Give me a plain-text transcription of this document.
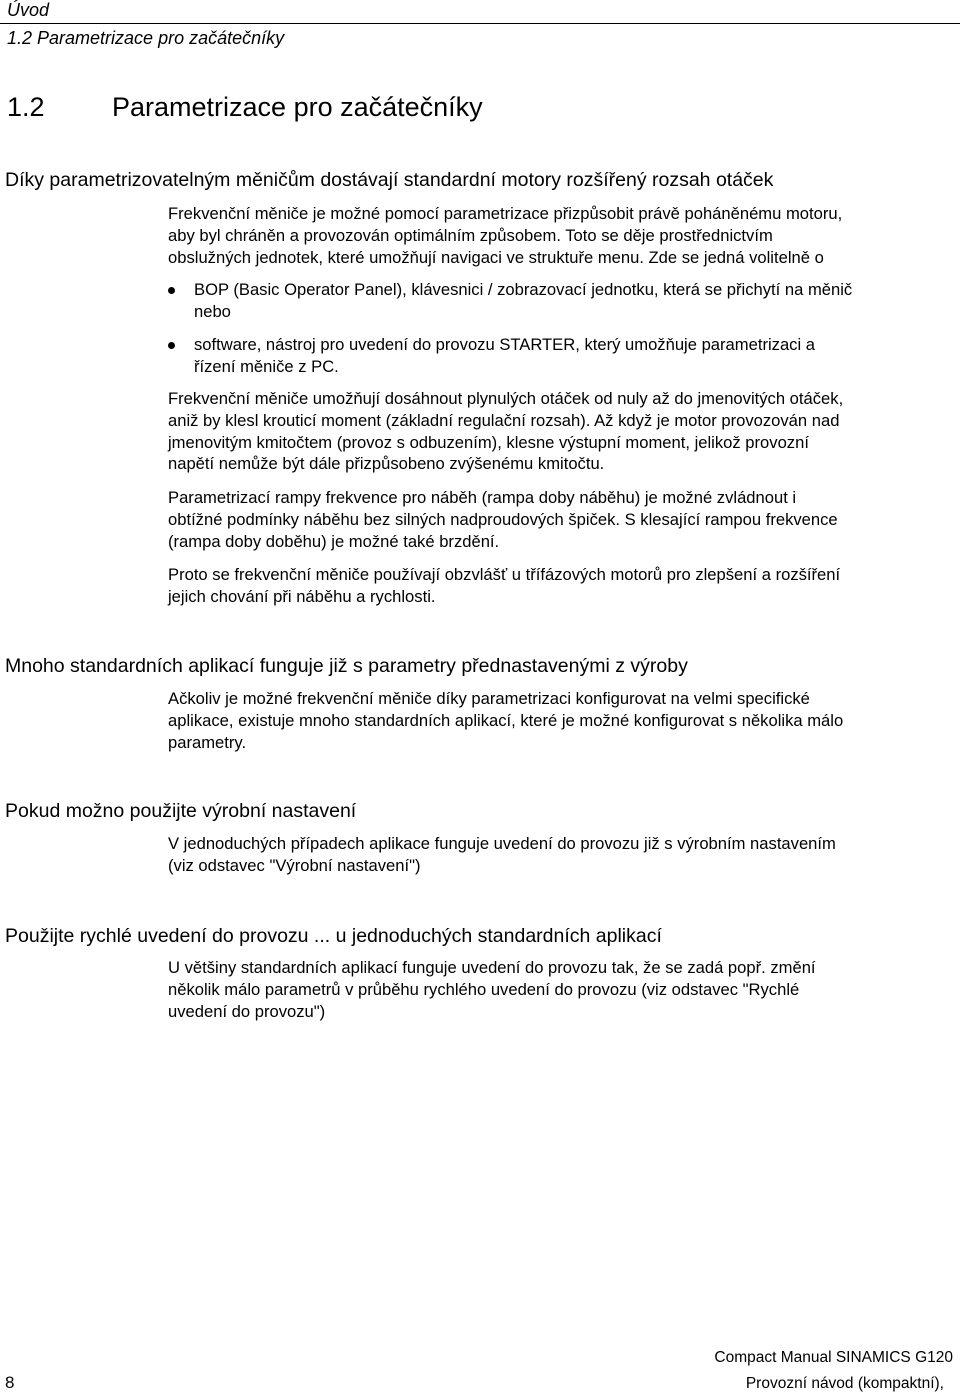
Úvod
1.2 Parametrizace pro začátečníky
1.2 Parametrizace pro začátečníky
Díky parametrizovatelným měničům dostávají standardní motory rozšířený rozsah otáček
Frekvenční měniče je možné pomocí parametrizace přizpůsobit právě poháněnému motoru,
aby byl chráněn a provozován optimálním způsobem. Toto se děje prostřednictvím
obslužných jednotek, které umožňují navigaci ve struktuře menu. Zde se jedná volitelně o
BOP (Basic Operator Panel), klávesnici / zobrazovací jednotku, která se přichytí na měnič
nebo
software, nástroj pro uvedení do provozu STARTER, který umožňuje parametrizaci a
řízení měniče z PC.
Frekvenční měniče umožňují dosáhnout plynulých otáček od nuly až do jmenovitých otáček,
aniž by klesl krouticí moment (základní regulační rozsah). Až když je motor provozován nad
jmenovitým kmitočtem (provoz s odbuzením), klesne výstupní moment, jelikož provozní
napětí nemůže být dále přizpůsobeno zvýšenému kmitočtu.
Parametrizací rampy frekvence pro náběh (rampa doby náběhu) je možné zvládnout i
obtížné podmínky náběhu bez silných nadproudových špiček. S klesající rampou frekvence
(rampa doby doběhu) je možné také brzdění.
Proto se frekvenční měniče používají obzvlášť u třífázových motorů pro zlepšení a rozšíření
jejich chování při náběhu a rychlosti.
Mnoho standardních aplikací funguje již s parametry přednastavenými z výroby
Ačkoliv je možné frekvenční měniče díky parametrizaci konfigurovat na velmi specifické
aplikace, existuje mnoho standardních aplikací, které je možné konfigurovat s několika málo
parametry.
Pokud možno použijte výrobní nastavení
V jednoduchých případech aplikace funguje uvedení do provozu již s výrobním nastavením
(viz odstavec "Výrobní nastavení")
Použijte rychlé uvedení do provozu ... u jednoduchých standardních aplikací
U většiny standardních aplikací funguje uvedení do provozu tak, že se zadá popř. změní
několik málo parametrů v průběhu rychlého uvedení do provozu (viz odstavec "Rychlé
uvedení do provozu")
8
Compact Manual SINAMICS G120
Provozní návod (kompaktní),
